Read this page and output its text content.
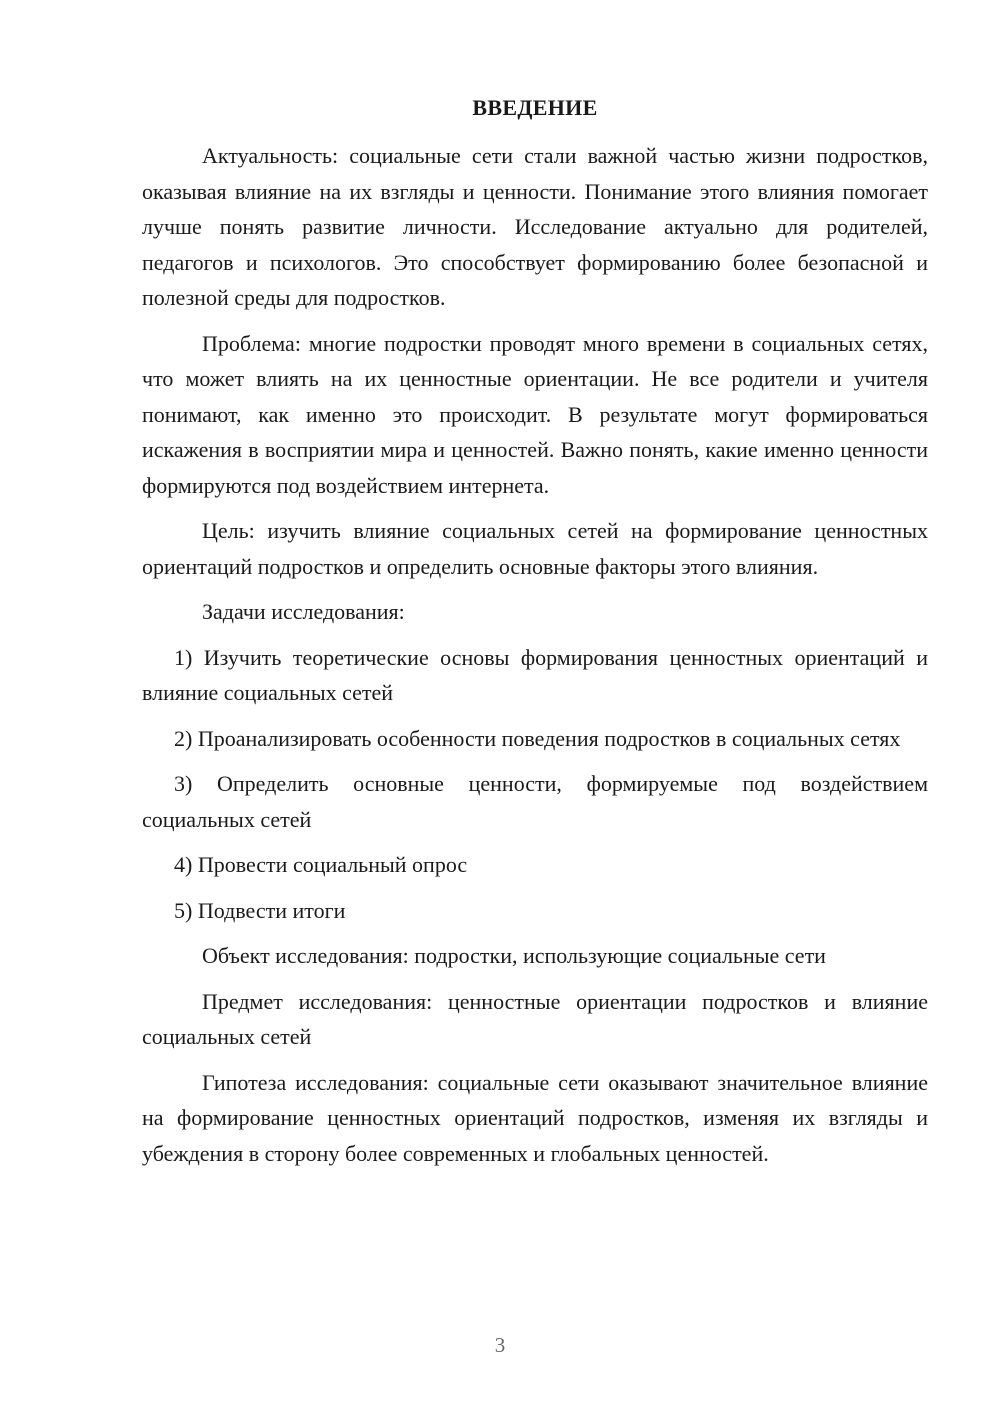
ВВЕДЕНИЕ

Актуальность: социальные сети стали важной частью жизни подростков, оказывая влияние на их взгляды и ценности. Понимание этого влияния помогает лучше понять развитие личности. Исследование актуально для родителей, педагогов и психологов. Это способствует формированию более безопасной и полезной среды для подростков.

Проблема: многие подростки проводят много времени в социальных сетях, что может влиять на их ценностные ориентации. Не все родители и учителя понимают, как именно это происходит. В результате могут формироваться искажения в восприятии мира и ценностей. Важно понять, какие именно ценности формируются под воздействием интернета.

Цель: изучить влияние социальных сетей на формирование ценностных ориентаций подростков и определить основные факторы этого влияния.

Задачи исследования:

1) Изучить теоретические основы формирования ценностных ориентаций и влияние социальных сетей

2) Проанализировать особенности поведения подростков в социальных сетях

3) Определить основные ценности, формируемые под воздействием социальных сетей

4) Провести социальный опрос

5) Подвести итоги

Объект исследования: подростки, использующие социальные сети

Предмет исследования: ценностные ориентации подростков и влияние социальных сетей

Гипотеза исследования: социальные сети оказывают значительное влияние на формирование ценностных ориентаций подростков, изменяя их взгляды и убеждения в сторону более современных и глобальных ценностей.

3
